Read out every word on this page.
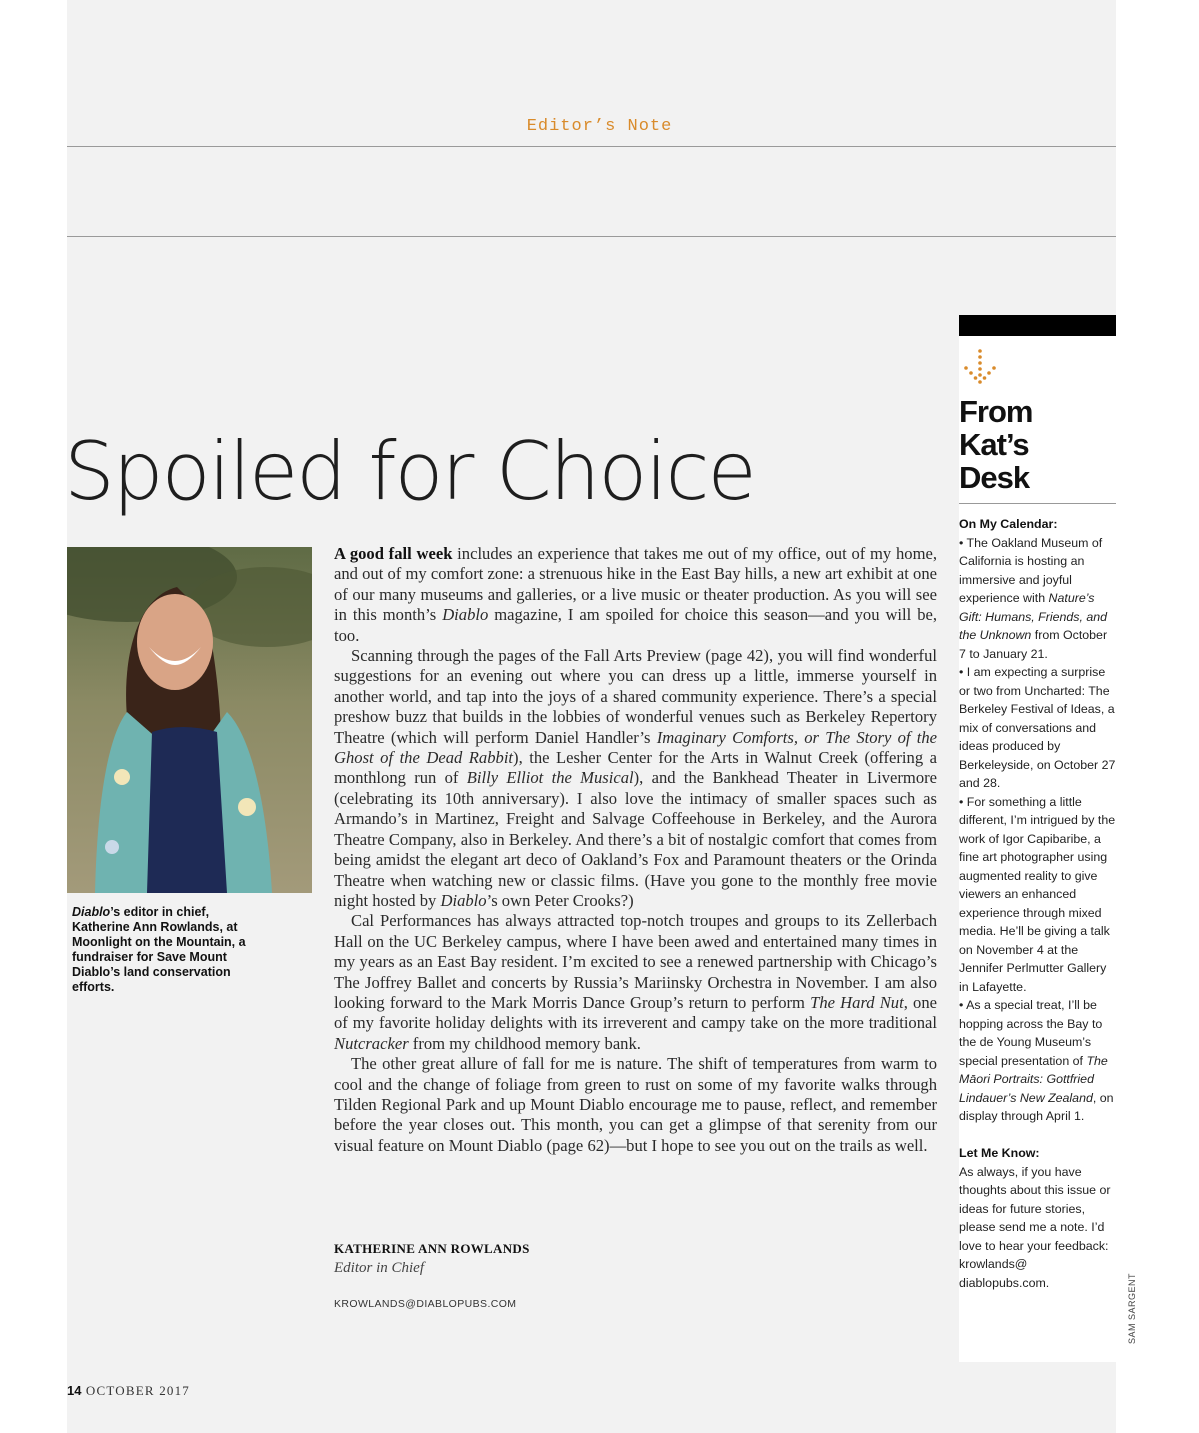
Editor’s Note
Spoiled for Choice
Diablo’s editor in chief, Katherine Ann Rowlands, at Moonlight on the Mountain, a fundraiser for Save Mount Diablo’s land conservation efforts.

A good fall week includes an experience that takes me out of my office, out of my home, and out of my comfort zone: a strenuous hike in the East Bay hills, a new art exhibit at one of our many museums and galleries, or a live music or theater production. As you will see in this month’s Diablo magazine, I am spoiled for choice this season—and you will be, too.

Scanning through the pages of the Fall Arts Preview (page 42), you will find wonderful suggestions for an evening out where you can dress up a little, immerse yourself in another world, and tap into the joys of a shared community experience. There’s a special preshow buzz that builds in the lobbies of wonderful venues such as Berkeley Repertory Theatre (which will perform Daniel Handler’s Imaginary Comforts, or The Story of the Ghost of the Dead Rabbit), the Lesher Center for the Arts in Walnut Creek (offering a monthlong run of Billy Elliot the Musical), and the Bankhead Theater in Livermore (celebrating its 10th anniversary). I also love the intimacy of smaller spaces such as Armando’s in Martinez, Freight and Salvage Coffeehouse in Berkeley, and the Aurora Theatre Company, also in Berkeley. And there’s a bit of nostalgic comfort that comes from being amidst the elegant art deco of Oakland’s Fox and Paramount theaters or the Orinda Theatre when watching new or classic films. (Have you gone to the monthly free movie night hosted by Diablo’s own Peter Crooks?)

Cal Performances has always attracted top-notch troupes and groups to its Zellerbach Hall on the UC Berkeley campus, where I have been awed and entertained many times in my years as an East Bay resident. I’m excited to see a renewed partnership with Chicago’s The Joffrey Ballet and concerts by Russia’s Mariinsky Orchestra in November. I am also looking forward to the Mark Morris Dance Group’s return to perform The Hard Nut, one of my favorite holiday delights with its irreverent and campy take on the more traditional Nutcracker from my childhood memory bank.

The other great allure of fall for me is nature. The shift of temperatures from warm to cool and the change of foliage from green to rust on some of my favorite walks through Tilden Regional Park and up Mount Diablo encourage me to pause, reflect, and remember before the year closes out. This month, you can get a glimpse of that serenity from our visual feature on Mount Diablo (page 62)—but I hope to see you out on the trails as well.

KATHERINE ANN ROWLANDS
Editor in Chief
KROWLANDS@DIABLOPUBS.COM
From
Kat’s
Desk

On My Calendar:

• The Oakland Museum of California is hosting an immersive and joyful experience with Nature’s Gift: Humans, Friends, and the Unknown from October 7 to January 21.

• I am expecting a surprise or two from Uncharted: The Berkeley Festival of Ideas, a mix of conversations and ideas produced by Berkeleyside, on October 27 and 28.

• For something a little different, I’m intrigued by the work of Igor Capibaribe, a fine art photographer using augmented reality to give viewers an enhanced experience through mixed media. He’ll be giving a talk on November 4 at the Jennifer Perlmutter Gallery in Lafayette.

• As a special treat, I’ll be hopping across the Bay to the de Young Museum’s special presentation of The Māori Portraits: Gottfried Lindauer’s New Zealand, on display through April 1.

Let Me Know:

As always, if you have thoughts about this issue or ideas for future stories, please send me a note. I’d love to hear your feedback: krowlands@ diablopubs.com.	SAM SARGENT
14 OCTOBER 2017
